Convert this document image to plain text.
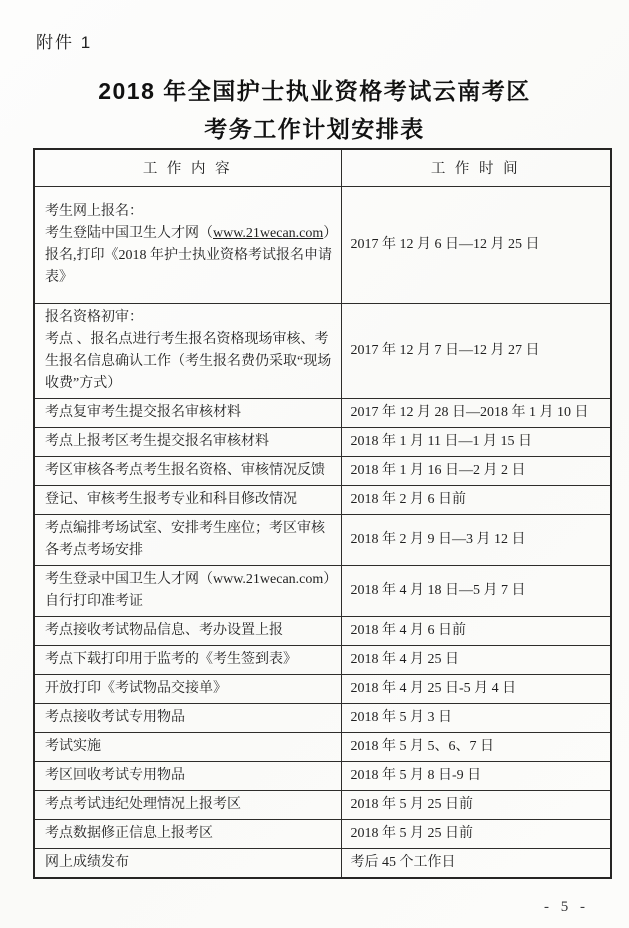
附件 1
2018 年全国护士执业资格考试云南考区
考务工作计划安排表
工 作 内 容	工 作 时 间
考生网上报名：
考生登陆中国卫生人才网（www.21wecan.com）报名,打印《2018 年护士执业资格考试报名申请表》	2017 年 12 月 6 日—12 月 25 日
报名资格初审：
考点 、报名点进行考生报名资格现场审核、考生报名信息确认工作（考生报名费仍采取“现场收费”方式）	2017 年 12 月 7 日—12 月 27 日
考点复审考生提交报名审核材料	2017 年 12 月 28 日—2018 年 1 月 10 日
考点上报考区考生提交报名审核材料	2018 年 1 月 11 日—1 月 15 日
考区审核各考点考生报名资格、审核情况反馈	2018 年 1 月 16 日—2 月 2 日
登记、审核考生报考专业和科目修改情况	2018 年 2 月 6 日前
考点编排考场试室、安排考生座位；考区审核各考点考场安排	2018 年 2 月 9 日—3 月 12 日
考生登录中国卫生人才网（www.21wecan.com）自行打印准考证	2018 年 4 月 18 日—5 月 7 日
考点接收考试物品信息、考办设置上报	2018 年 4 月 6 日前
考点下载打印用于监考的《考生签到表》	2018 年 4 月 25 日
开放打印《考试物品交接单》	2018 年 4 月 25 日-5 月 4 日
考点接收考试专用物品	2018 年 5 月 3 日
考试实施	2018 年 5 月 5、6、7 日
考区回收考试专用物品	2018 年 5 月 8 日-9 日
考点考试违纪处理情况上报考区	2018 年 5 月 25 日前
考点数据修正信息上报考区	2018 年 5 月 25 日前
网上成绩发布	考后 45 个工作日
- 5 -
